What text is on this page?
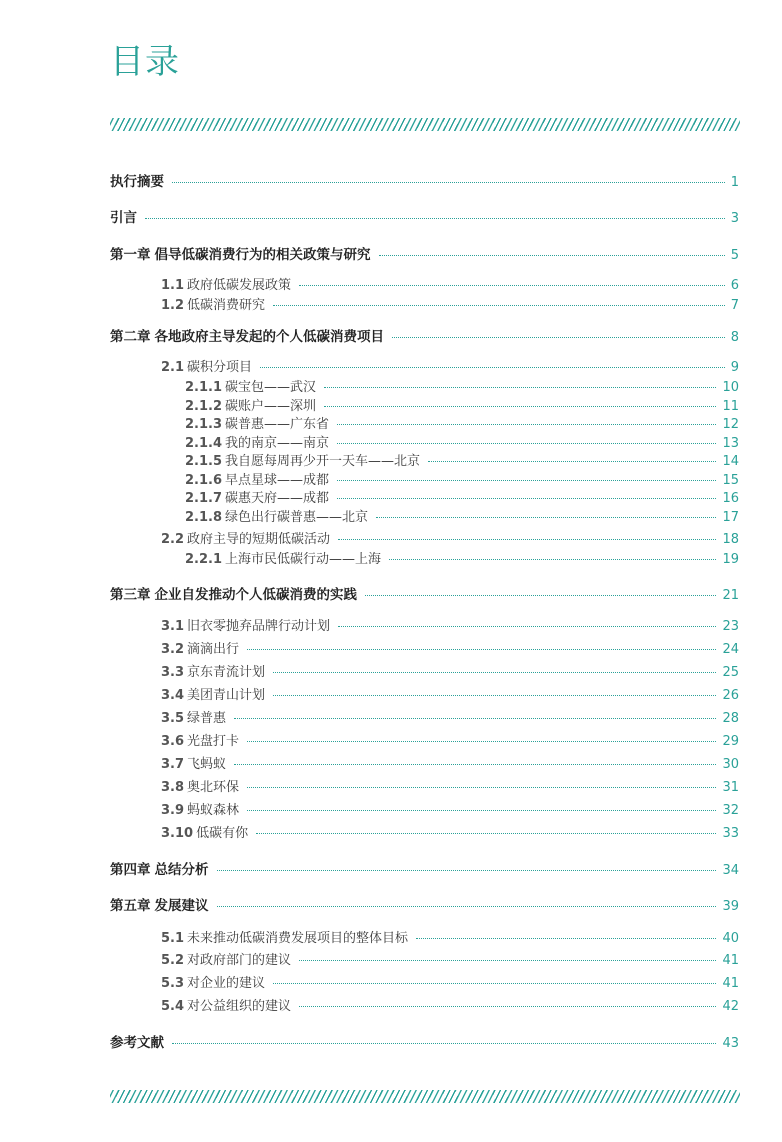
目录
执行摘要	1
引言	3
第一章 倡导低碳消费行为的相关政策与研究	5
1.1 政府低碳发展政策	6
1.2 低碳消费研究	7
第二章 各地政府主导发起的个人低碳消费项目	8
2.1 碳积分项目	9
2.1.1 碳宝包——武汉	10
2.1.2 碳账户——深圳	11
2.1.3 碳普惠——广东省	12
2.1.4 我的南京——南京	13
2.1.5 我自愿每周再少开一天车——北京	14
2.1.6 早点星球——成都	15
2.1.7 碳惠天府——成都	16
2.1.8 绿色出行碳普惠——北京	17
2.2 政府主导的短期低碳活动	18
2.2.1 上海市民低碳行动——上海	19
第三章 企业自发推动个人低碳消费的实践	21
3.1 旧衣零抛弃品牌行动计划	23
3.2 滴滴出行	24
3.3 京东青流计划	25
3.4 美团青山计划	26
3.5 绿普惠	28
3.6 光盘打卡	29
3.7 飞蚂蚁	30
3.8 奥北环保	31
3.9 蚂蚁森林	32
3.10 低碳有你	33
第四章 总结分析	34
第五章 发展建议	39
5.1 未来推动低碳消费发展项目的整体目标	40
5.2 对政府部门的建议	41
5.3 对企业的建议	41
5.4 对公益组织的建议	42
参考文献	43
